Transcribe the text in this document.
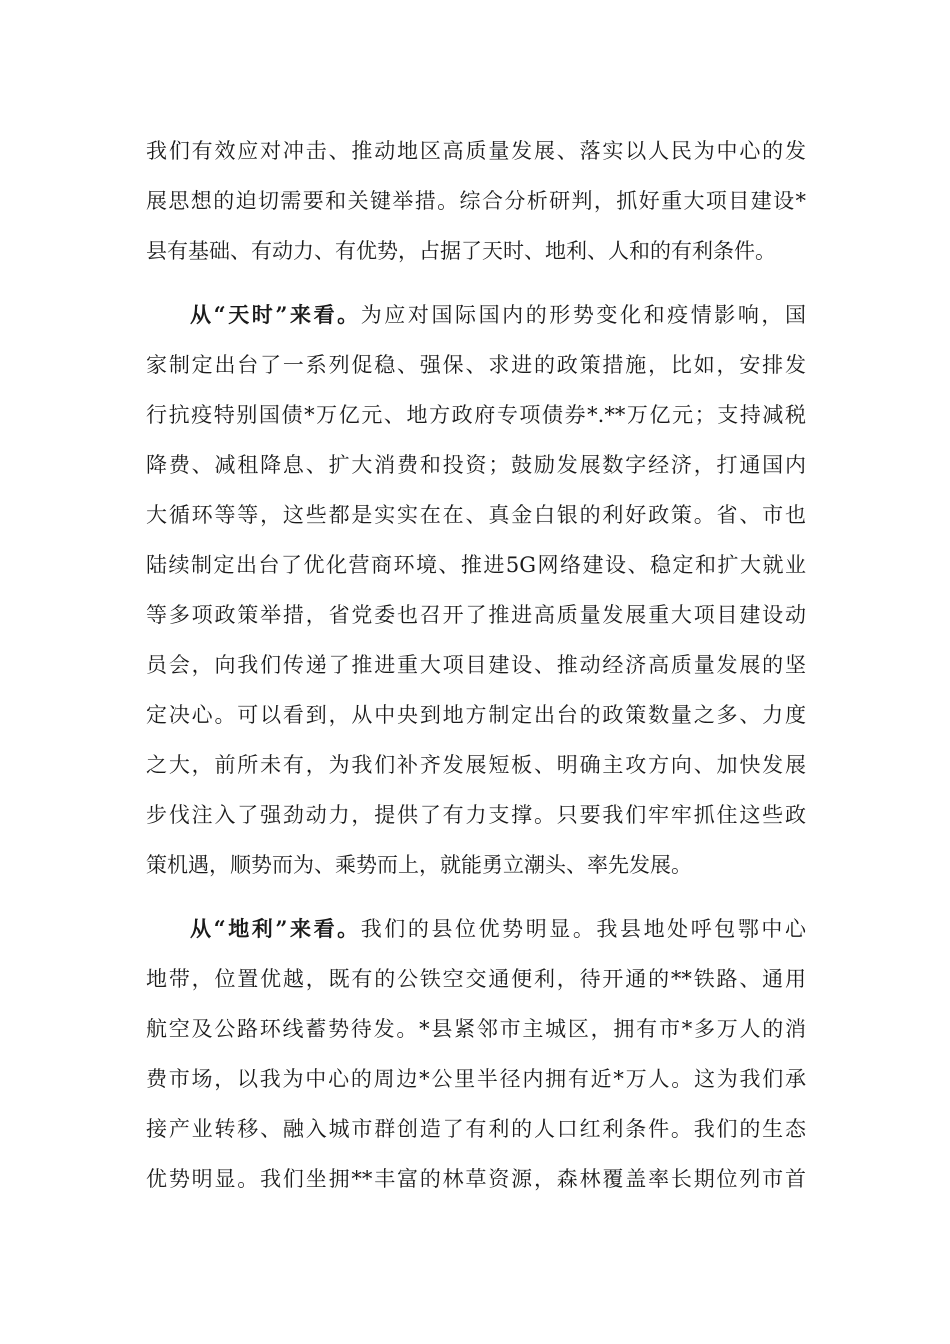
我们有效应对冲击、推动地区高质量发展、落实以人民为中心的发
展思想的迫切需要和关键举措。综合分析研判，抓好重大项目建设*
县有基础、有动力、有优势，占据了天时、地利、人和的有利条件。
从“天时”来看。为应对国际国内的形势变化和疫情影响，国
家制定出台了一系列促稳、强保、求进的政策措施，比如，安排发
行抗疫特别国债*万亿元、地方政府专项债券*.**万亿元；支持减税
降费、减租降息、扩大消费和投资；鼓励发展数字经济，打通国内
大循环等等，这些都是实实在在、真金白银的利好政策。省、市也
陆续制定出台了优化营商环境、推进5G网络建设、稳定和扩大就业
等多项政策举措，省党委也召开了推进高质量发展重大项目建设动
员会，向我们传递了推进重大项目建设、推动经济高质量发展的坚
定决心。可以看到，从中央到地方制定出台的政策数量之多、力度
之大，前所未有，为我们补齐发展短板、明确主攻方向、加快发展
步伐注入了强劲动力，提供了有力支撑。只要我们牢牢抓住这些政
策机遇，顺势而为、乘势而上，就能勇立潮头、率先发展。
从“地利”来看。我们的县位优势明显。我县地处呼包鄂中心
地带，位置优越，既有的公铁空交通便利，待开通的**铁路、通用
航空及公路环线蓄势待发。*县紧邻市主城区，拥有市*多万人的消
费市场，以我为中心的周边*公里半径内拥有近*万人。这为我们承
接产业转移、融入城市群创造了有利的人口红利条件。我们的生态
优势明显。我们坐拥**丰富的林草资源，森林覆盖率长期位列市首
